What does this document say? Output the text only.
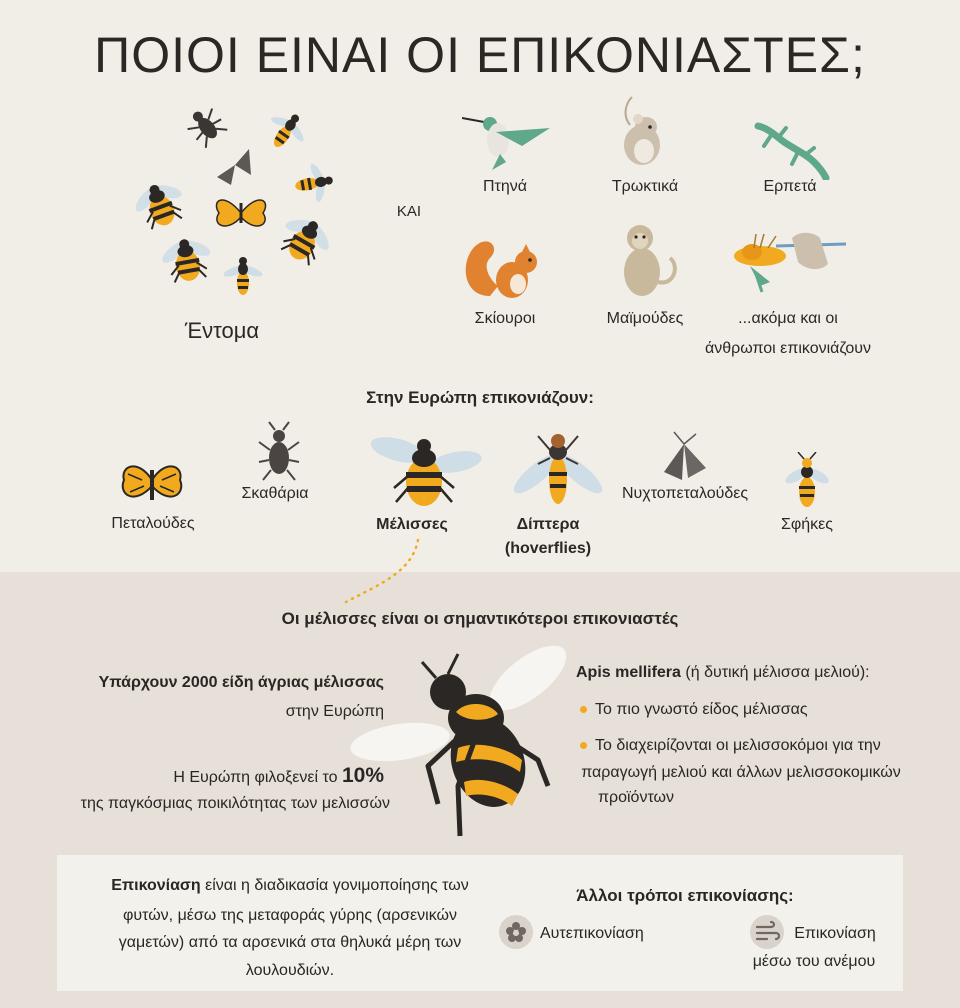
ΠΟΙΟΙ ΕΙΝΑΙ ΟΙ ΕΠΙΚΟΝΙΑΣΤΕΣ;
Έντομα
ΚΑΙ
Πτηνά	Τρωκτικά	Ερπετά
Σκίουροι	Μαϊμούδες	...ακόμα και οι
άνθρωποι επικονιάζουν
Στην Ευρώπη επικονιάζουν:
Πεταλούδες
Σκαθάρια
Μέλισσες	Δίπτερα
(hoverflies)
Νυχτοπεταλούδες
Σφήκες
Οι μέλισσες είναι οι σημαντικότεροι επικονιαστές
Υπάρχουν 2000 είδη άγριας μέλισσας
στην Ευρώπη
Η Ευρώπη φιλοξενεί το 10%
της παγκόσμιας ποικιλότητας των μελισσών
Apis mellifera (ή δυτική μέλισσα μελιού):
Το πιο γνωστό είδος μέλισσας
Το διαχειρίζονται οι μελισσοκόμοι για την
παραγωγή μελιού και άλλων μελισσοκομικών
προϊόντων
Επικονίαση είναι η διαδικασία γονιμοποίησης των
φυτών, μέσω της μεταφοράς γύρης (αρσενικών
γαμετών) από τα αρσενικά στα θηλυκά μέρη των
λουλουδιών.
Άλλοι τρόποι επικονίασης:
Αυτεπικονίαση	Επικονίαση
μέσω του ανέμου
